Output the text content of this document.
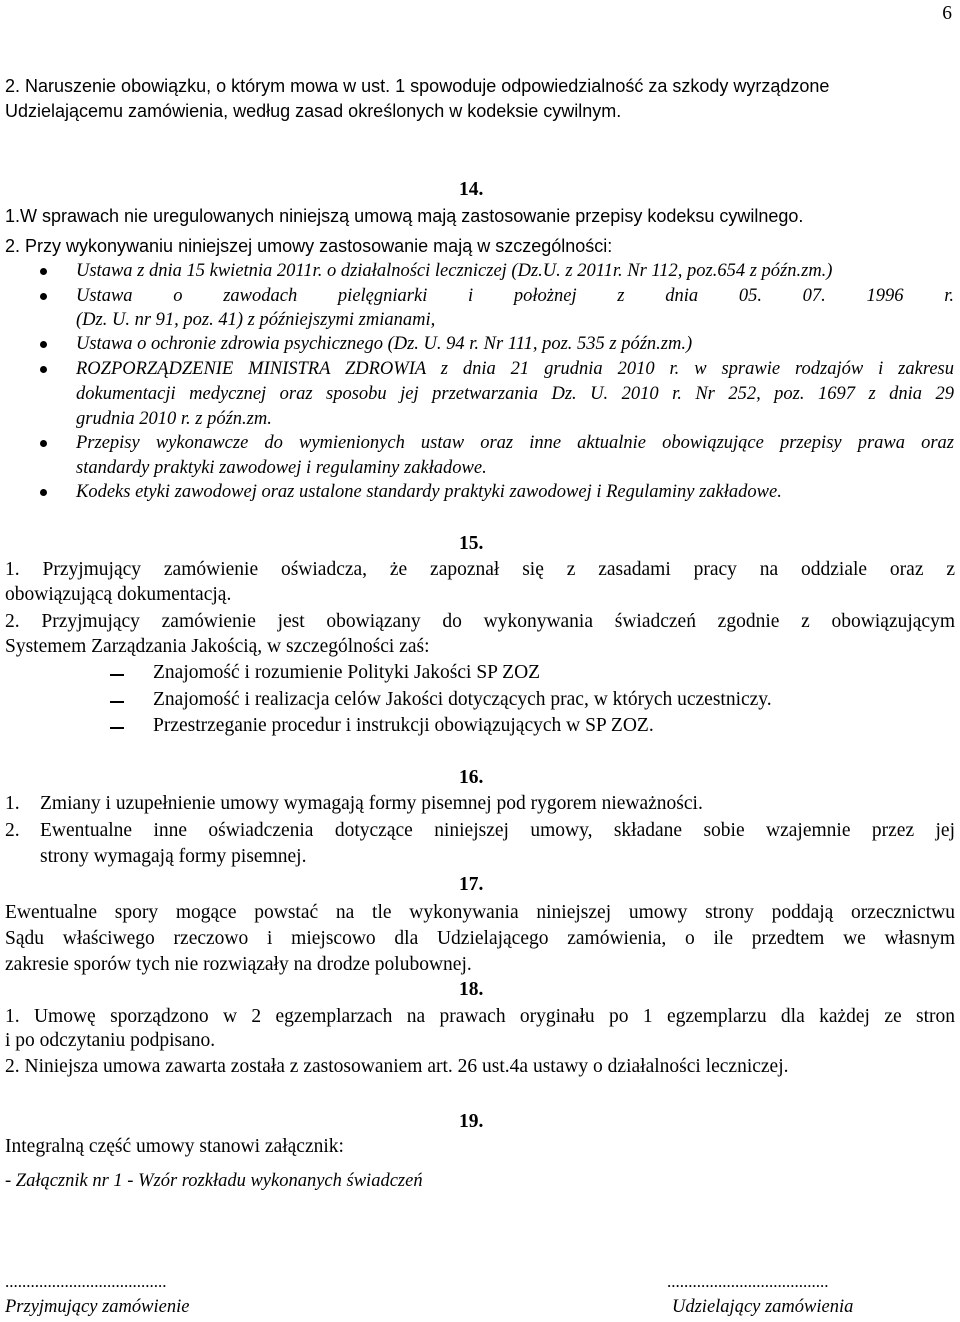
6
2. Naruszenie obowiązku, o którym mowa w ust. 1 spowoduje odpowiedzialność za szkody wyrządzone
Udzielającemu zamówienia, według zasad określonych w kodeksie cywilnym.
14.
1.W sprawach nie uregulowanych niniejszą umową mają zastosowanie przepisy kodeksu cywilnego.
2. Przy wykonywaniu niniejszej umowy zastosowanie mają w szczególności:
Ustawa z dnia 15 kwietnia 2011r. o działalności leczniczej (Dz.U. z 2011r. Nr 112, poz.654 z późn.zm.)
Ustawa o zawodach pielęgniarki i położnej z dnia 05. 07. 1996 r.
(Dz. U. nr 91, poz. 41) z późniejszymi zmianami,
Ustawa o ochronie zdrowia psychicznego (Dz. U. 94 r. Nr 111, poz. 535 z późn.zm.)
ROZPORZĄDZENIE MINISTRA ZDROWIA z dnia 21 grudnia 2010 r. w sprawie rodzajów i zakresu
dokumentacji medycznej oraz sposobu jej przetwarzania Dz. U. 2010 r. Nr 252, poz. 1697 z dnia 29
grudnia 2010 r. z późn.zm.
Przepisy wykonawcze do wymienionych ustaw oraz inne aktualnie obowiązujące przepisy prawa oraz
standardy praktyki zawodowej i regulaminy zakładowe.
Kodeks etyki zawodowej oraz ustalone standardy praktyki zawodowej i Regulaminy zakładowe.
15.
1. Przyjmujący zamówienie oświadcza, że zapoznał się z zasadami pracy na oddziale oraz z
obowiązującą dokumentacją.
2. Przyjmujący zamówienie jest obowiązany do wykonywania świadczeń zgodnie z obowiązującym
Systemem Zarządzania Jakością, w szczególności zaś:
Znajomość i rozumienie Polityki Jakości SP ZOZ
Znajomość i realizacja celów Jakości dotyczących prac, w których uczestniczy.
Przestrzeganie procedur i instrukcji obowiązujących w SP ZOZ.
16.
1. Zmiany i uzupełnienie umowy wymagają formy pisemnej pod rygorem nieważności.
2. Ewentualne inne oświadczenia dotyczące niniejszej umowy, składane sobie wzajemnie przez jej
strony wymagają formy pisemnej.
17.
Ewentualne spory mogące powstać na tle wykonywania niniejszej umowy strony poddają orzecznictwu
Sądu właściwego rzeczowo i miejscowo dla Udzielającego zamówienia, o ile przedtem we własnym
zakresie sporów tych nie rozwiązały na drodze polubownej.
18.
1. Umowę sporządzono w 2 egzemplarzach na prawach oryginału po 1 egzemplarzu dla każdej ze stron
i po odczytaniu podpisano.
2. Niniejsza umowa zawarta została z zastosowaniem art. 26 ust.4a ustawy o działalności leczniczej.
19.
Integralną część umowy stanowi załącznik:
- Załącznik nr 1 - Wzór rozkładu wykonanych świadczeń
......................................
Przyjmujący zamówienie
......................................
Udzielający zamówienia
